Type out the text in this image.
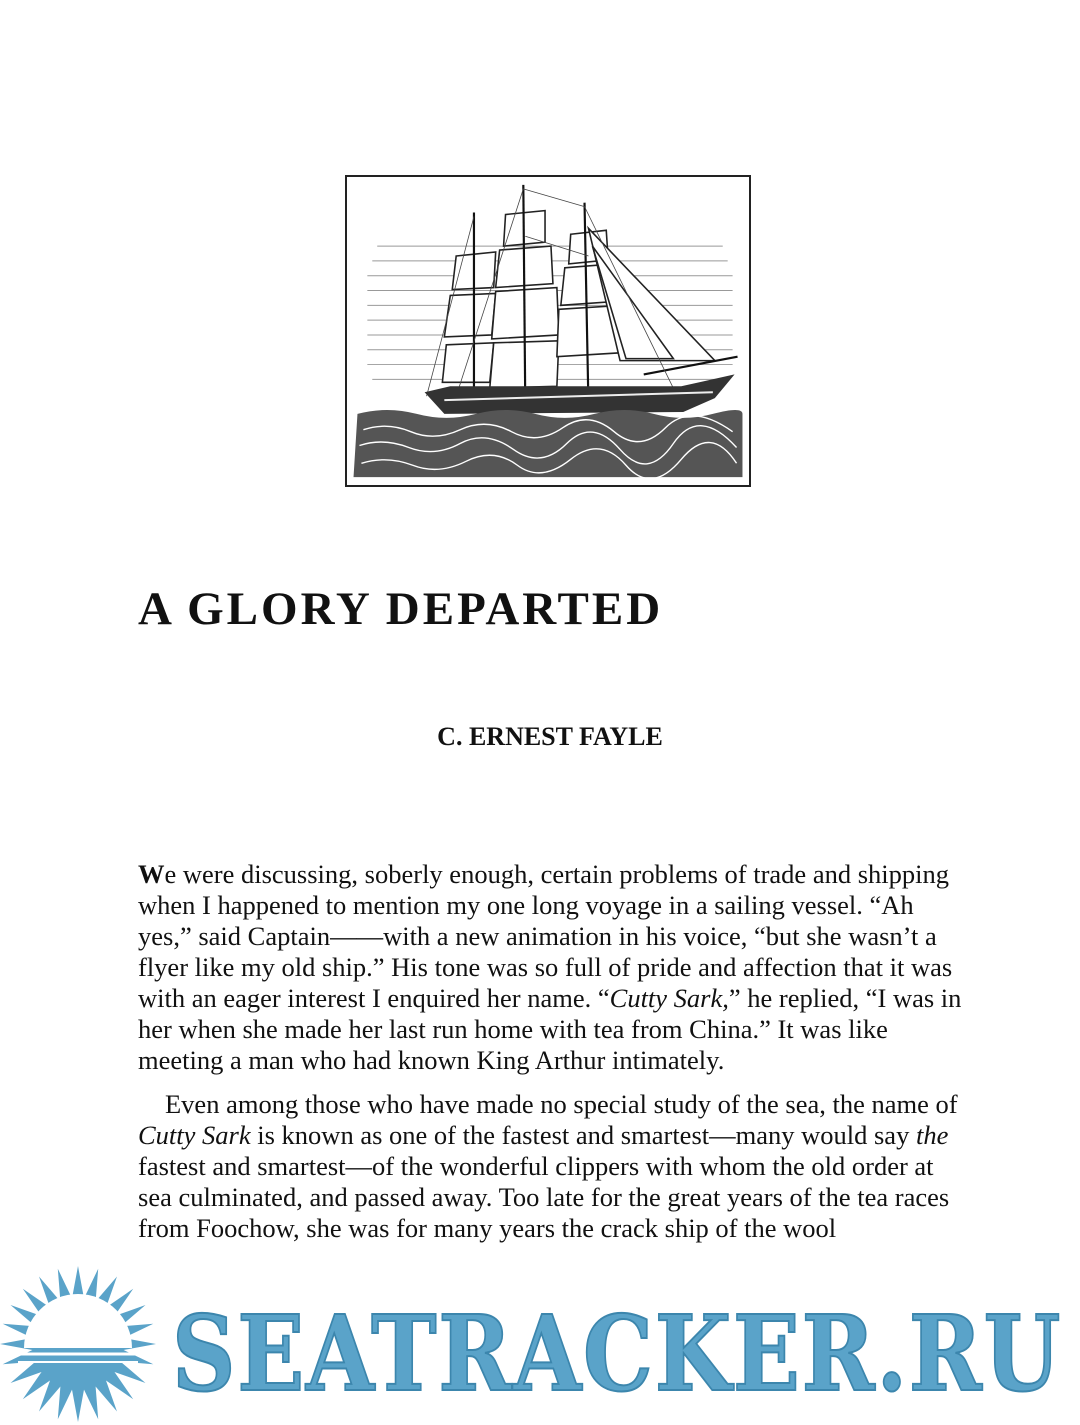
A GLORY DEPARTED

C. ERNEST FAYLE

We were discussing, soberly enough, certain problems of trade and shipping when I happened to mention my one long voyage in a sailing vessel. “Ah yes,” said Captain——with a new animation in his voice, “but she wasn’t a flyer like my old ship.” His tone was so full of pride and affection that it was with an eager interest I enquired her name. “Cutty Sark,” he replied, “I was in her when she made her last run home with tea from China.” It was like meeting a man who had known King Arthur intimately.

Even among those who have made no special study of the sea, the name of Cutty Sark is known as one of the fastest and smartest—many would say the fastest and smartest—of the wonderful clippers with whom the old order at sea culminated, and passed away. Too late for the great years of the tea races from Foochow, she was for many years the crack ship of the wool

SEATRACKER.RU
